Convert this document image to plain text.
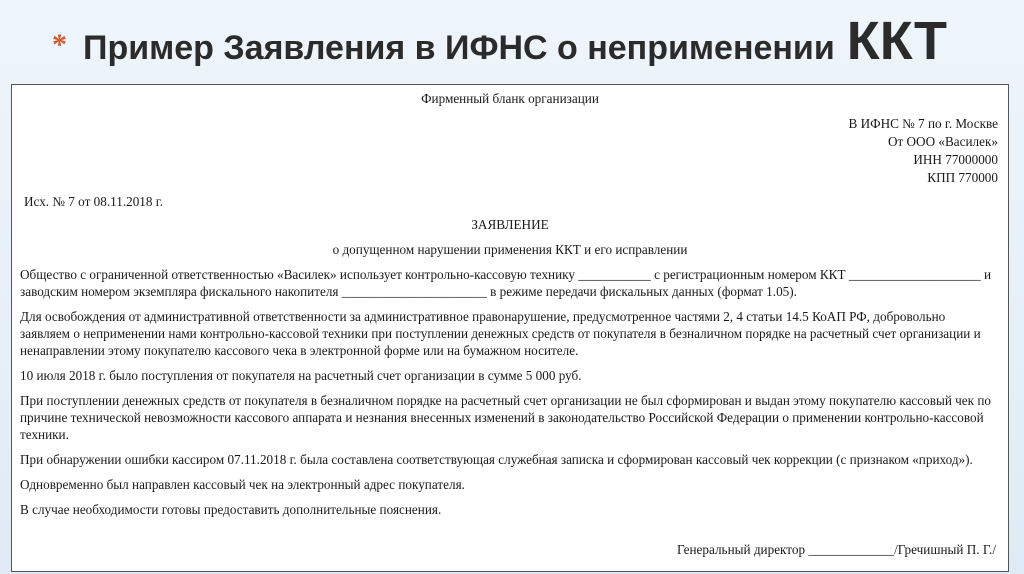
* Пример Заявления в ИФНС о неприменении ККТ

Фирменный бланк организации

В ИФНС № 7 по г. Москве

От ООО «Василек»

ИНН 77000000

КПП 770000

Исх. № 7 от 08.11.2018 г.

ЗАЯВЛЕНИЕ

о допущенном нарушении применения ККТ и его исправлении

Общество с ограниченной ответственностью «Василек» использует контрольно-кассовую технику ___________ с регистрационным номером ККТ ____________________ и заводским номером экземпляра фискального накопителя ______________________ в режиме передачи фискальных данных (формат 1.05).

Для освобождения от административной ответственности за административное правонарушение, предусмотренное частями 2, 4 статьи 14.5 КоАП РФ, добровольно заявляем о неприменении нами контрольно-кассовой техники при поступлении денежных средств от покупателя в безналичном порядке на расчетный счет организации и ненаправлении этому покупателю кассового чека в электронной форме или на бумажном носителе.

10 июля 2018 г. было поступления от покупателя на расчетный счет организации в сумме 5 000 руб.

При поступлении денежных средств от покупателя в безналичном порядке на расчетный счет организации не был сформирован и выдан этому покупателю кассовый чек по причине технической невозможности кассового аппарата и незнания внесенных изменений в законодательство Российской Федерации о применении контрольно-кассовой техники.

При обнаружении ошибки кассиром 07.11.2018 г. была составлена соответствующая служебная записка и сформирован кассовый чек коррекции (с признаком «приход»).

Одновременно был направлен кассовый чек на электронный адрес покупателя.

В случае необходимости готовы предоставить дополнительные пояснения.

Генеральный директор _____________/Гречишный П. Г./
